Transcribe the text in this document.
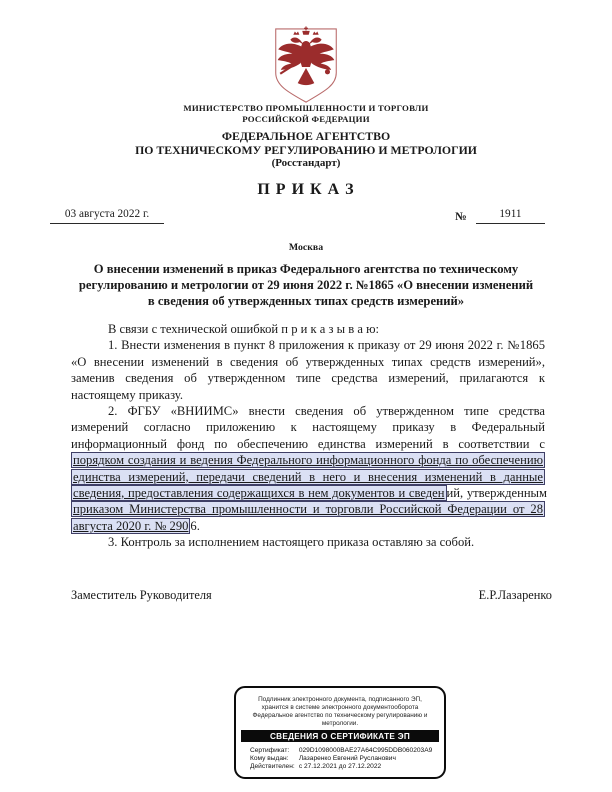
МИНИСТЕРСТВО ПРОМЫШЛЕННОСТИ И ТОРГОВЛИ
РОССИЙСКОЙ ФЕДЕРАЦИИ
ФЕДЕРАЛЬНОЕ АГЕНТСТВО
ПО ТЕХНИЧЕСКОМУ РЕГУЛИРОВАНИЮ И МЕТРОЛОГИИ
(Росстандарт)
П Р И К А З
03 августа 2022 г.	№	1911
Москва
О внесении изменений в приказ Федерального агентства по техническому регулированию и метрологии от 29 июня 2022 г. №1865 «О внесении изменений в сведения об утвержденных типах средств измерений»

В связи с технической ошибкой п р и к а з ы в а ю:

1. Внести изменения в пункт 8 приложения к приказу от 29 июня 2022 г. №1865 «О внесении изменений в сведения об утвержденных типах средств измерений», заменив сведения об утвержденном типе средства измерений, прилагаются к настоящему приказу.

2. ФГБУ «ВНИИМС» внести сведения об утвержденном типе средства измерений согласно приложению к настоящему приказу в Федеральный информационный фонд по обеспечению единства измерений в соответствии с порядком создания и ведения Федерального информационного фонда по обеспечению единства измерений, передачи сведений в него и внесения изменений в данные сведения, предоставления содержащихся в нем документов и сведен ий, утвержденным приказом Министерства промышленности и торговли Российской Федерации от 28 августа 2020 г. № 290 6.

3. Контроль за исполнением настоящего приказа оставляю за собой.

Заместитель Руководителя	Е.Р.Лазаренко
Подлинник электронного документа, подписанного ЭП,
хранится в системе электронного документооборота
Федеральное агентство по техническому регулированию и
метрологии.
СВЕДЕНИЯ О СЕРТИФИКАТЕ ЭП
Сертификат: 029D1098000BAE27A64C995DDB060203A9
Кому выдан: Лазаренко Евгений Русланович
Действителен: с 27.12.2021 до 27.12.2022
